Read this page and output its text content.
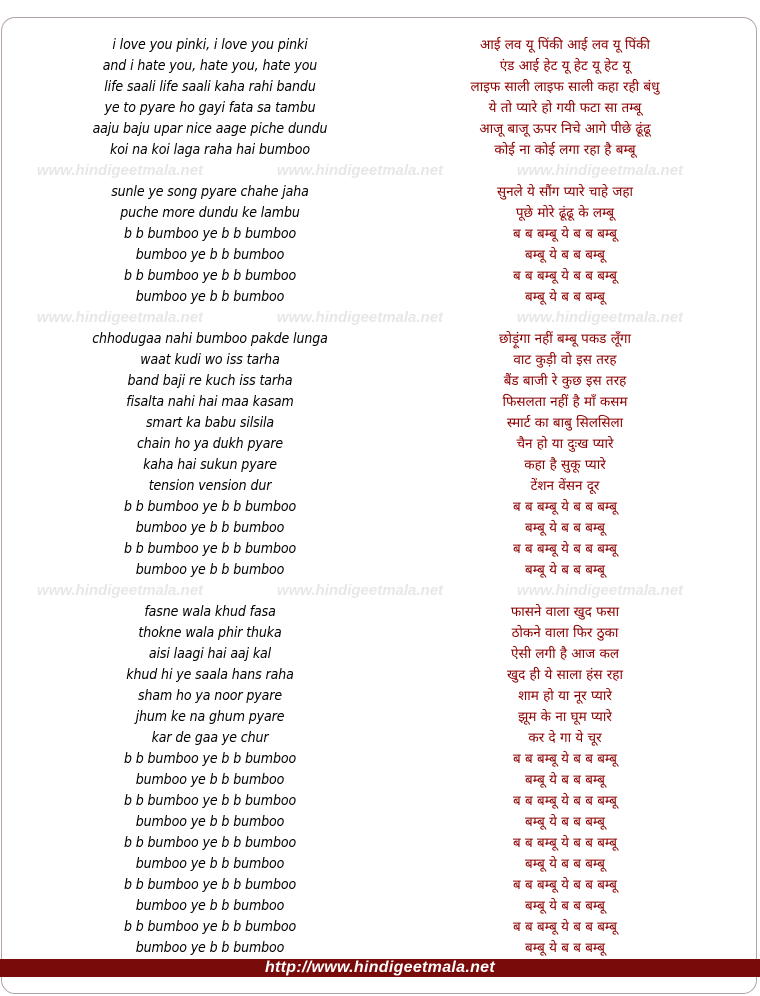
i love you pinki, i love you pinki	आई लव यू पिंकी आई लव यू पिंकी
and i hate you, hate you, hate you	एंड आई हेट यू हेट यू हेट यू
life saali life saali kaha rahi bandu	लाइफ साली लाइफ साली कहा रही बंधु
ye to pyare ho gayi fata sa tambu	ये तो प्यारे हो गयी फटा सा तम्बू
aaju baju upar nice aage piche dundu	आजू बाजू ऊपर निचे आगे पीछे ढूंढू
koi na koi laga raha hai bumboo	कोई ना कोई लगा रहा है बम्बू
sunle ye song pyare chahe jaha	सुनले ये सौंग प्यारे चाहे जहा
puche more dundu ke lambu	पूछे मोरे ढूंढू के लम्बू
b b bumboo ye b b bumboo	ब ब बम्बू ये ब ब बम्बू
bumboo ye b b bumboo	बम्बू ये ब ब बम्बू
b b bumboo ye b b bumboo	ब ब बम्बू ये ब ब बम्बू
bumboo ye b b bumboo	बम्बू ये ब ब बम्बू
chhodugaa nahi bumboo pakde lunga	छोड़ूंगा नहीं बम्बू पकड लूँगा
waat kudi wo iss tarha	वाट कुड़ी वो इस तरह
band baji re kuch iss tarha	बैंड बाजी रे कुछ इस तरह
fisalta nahi hai maa kasam	फिसलता नहीं है माँ कसम
smart ka babu silsila	स्मार्ट का बाबु सिलसिला
chain ho ya dukh pyare	चैन हो या दुःख प्यारे
kaha hai sukun pyare	कहा है सुकू प्यारे
tension vension dur	टेंशन वेंसन दूर
b b bumboo ye b b bumboo	ब ब बम्बू ये ब ब बम्बू
bumboo ye b b bumboo	बम्बू ये ब ब बम्बू
b b bumboo ye b b bumboo	ब ब बम्बू ये ब ब बम्बू
bumboo ye b b bumboo	बम्बू ये ब ब बम्बू
fasne wala khud fasa	फासने वाला खुद फसा
thokne wala phir thuka	ठोकने वाला फिर ठुका
aisi laagi hai aaj kal	ऐसी लगी है आज कल
khud hi ye saala hans raha	खुद ही ये साला हंस रहा
sham ho ya noor pyare	शाम हो या नूर प्यारे
jhum ke na ghum pyare	झूम के ना घूम प्यारे
kar de gaa ye chur	कर दे गा ये चूर
b b bumboo ye b b bumboo	ब ब बम्बू ये ब ब बम्बू
bumboo ye b b bumboo	बम्बू ये ब ब बम्बू
b b bumboo ye b b bumboo	ब ब बम्बू ये ब ब बम्बू
bumboo ye b b bumboo	बम्बू ये ब ब बम्बू
b b bumboo ye b b bumboo	ब ब बम्बू ये ब ब बम्बू
bumboo ye b b bumboo	बम्बू ये ब ब बम्बू
b b bumboo ye b b bumboo	ब ब बम्बू ये ब ब बम्बू
bumboo ye b b bumboo	बम्बू ये ब ब बम्बू
b b bumboo ye b b bumboo	ब ब बम्बू ये ब ब बम्बू
bumboo ye b b bumboo	बम्बू ये ब ब बम्बू
www.hindigeetmala.net	www.hindigeetmala.net	www.hindigeetmala.net
www.hindigeetmala.net	www.hindigeetmala.net	www.hindigeetmala.net
www.hindigeetmala.net	www.hindigeetmala.net	www.hindigeetmala.net
http://www.hindigeetmala.net
